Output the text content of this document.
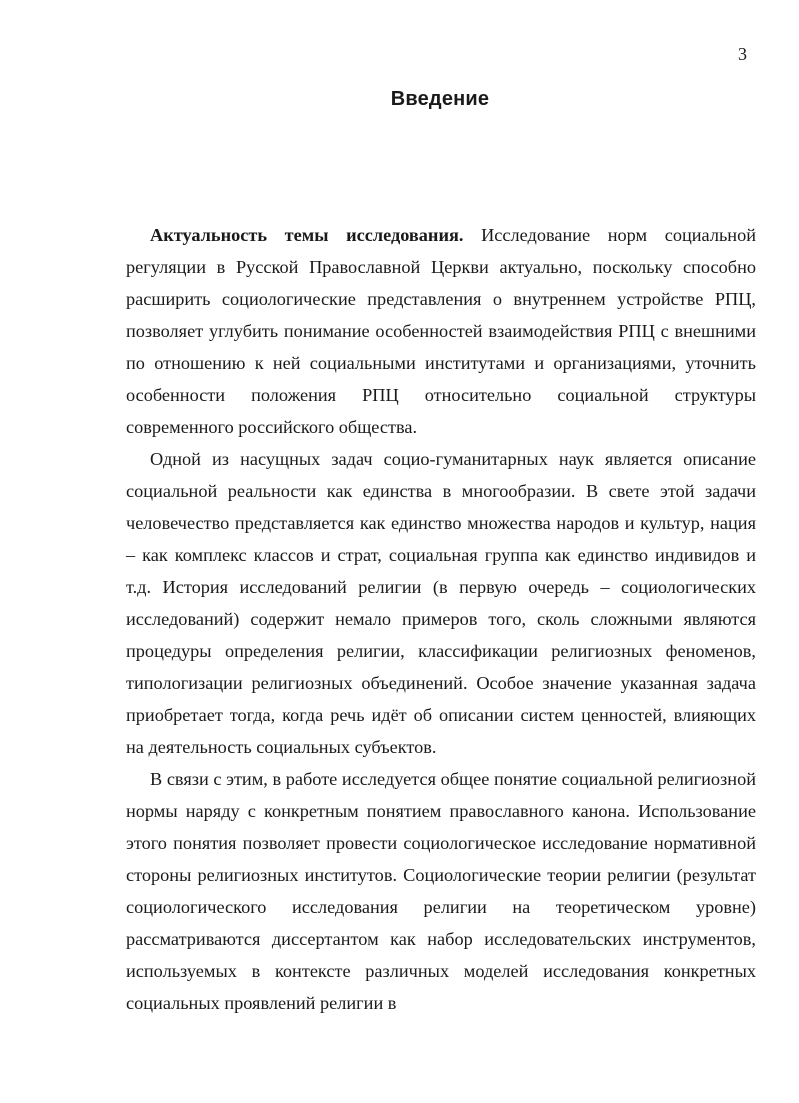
3
Введение

Актуальность темы исследования. Исследование норм социальной регуляции в Русской Православной Церкви актуально, поскольку способно расширить социологические представления о внутреннем устройстве РПЦ, позволяет углубить понимание особенностей взаимодействия РПЦ с внешними по отношению к ней социальными институтами и организациями, уточнить особенности положения РПЦ относительно социальной структуры современного российского общества.

Одной из насущных задач социо-гуманитарных наук является описание социальной реальности как единства в многообразии. В свете этой задачи человечество представляется как единство множества народов и культур, нация – как комплекс классов и страт, социальная группа как единство индивидов и т.д. История исследований религии (в первую очередь – социологических исследований) содержит немало примеров того, сколь сложными являются процедуры определения религии, классификации религиозных феноменов, типологизации религиозных объединений. Особое значение указанная задача приобретает тогда, когда речь идёт об описании систем ценностей, влияющих на деятельность социальных субъектов.

В связи с этим, в работе исследуется общее понятие социальной религиозной нормы наряду с конкретным понятием православного канона. Использование этого понятия позволяет провести социологическое исследование нормативной стороны религиозных институтов. Социологические теории религии (результат социологического исследования религии на теоретическом уровне) рассматриваются диссертантом как набор исследовательских инструментов, используемых в контексте различных моделей исследования конкретных социальных проявлений религии в
